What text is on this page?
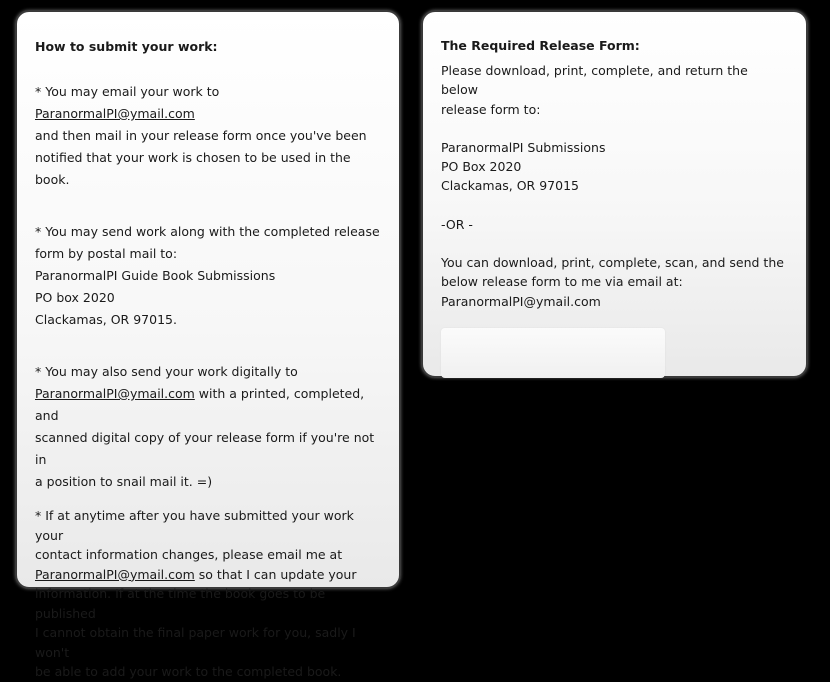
How to submit your work:

* You may email your work to ParanormalPI@ymail.com

and then mail in your release form once you've been

notified that your work is chosen to be used in the book.

* You may send work along with the completed release

form by postal mail to:

ParanormalPI Guide Book Submissions

PO box 2020

Clackamas, OR 97015.

* You may also send your work digitally to

ParanormalPI@ymail.com with a printed, completed, and

scanned digital copy of your release form if you're not in

a position to snail mail it. =)

* If at anytime after you have submitted your work your

contact information changes, please email me at

ParanormalPI@ymail.com so that I can update your

information. If at the time the book goes to be published

I cannot obtain the final paper work for you, sadly I won't

be able to add your work to the completed book.

The Required Release Form:

Please download, print, complete, and return the below

release form to:

ParanormalPI Submissions

PO Box 2020

Clackamas, OR 97015

-OR -

You can download, print, complete, scan, and send the

below release form to me via email at:

ParanormalPI@ymail.com
